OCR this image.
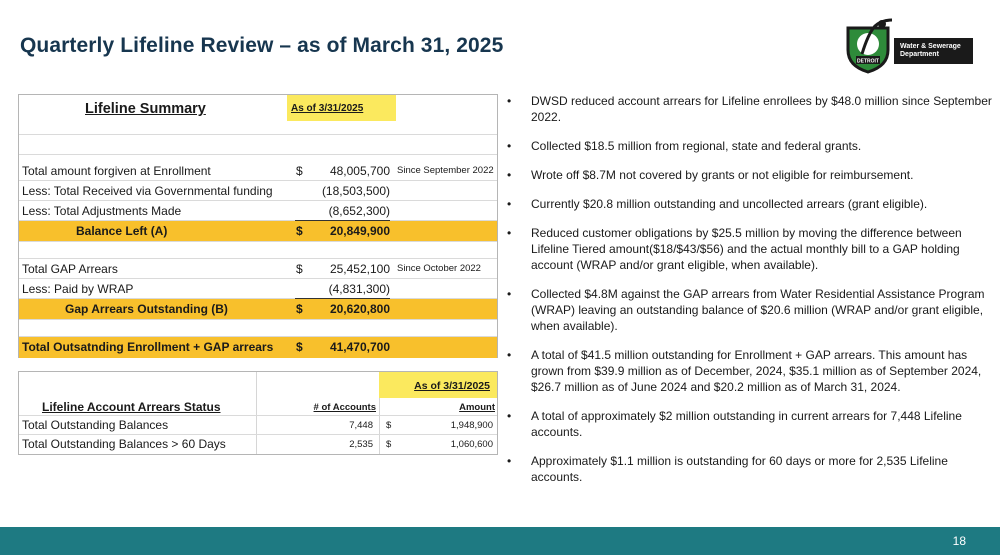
Quarterly Lifeline Review – as of March 31, 2025
DETROIT
Water & Sewerage
Department
Lifeline Summary	As of 3/31/2025
Total amount forgiven at Enrollment	$ 48,005,700 Since September 2022
Less: Total Received via Governmental funding	(18,503,500)
Less: Total Adjustments Made	(8,652,300)
Balance Left (A)	$ 20,849,900
Total GAP Arrears	$ 25,452,100 Since October 2022
Less: Paid by WRAP	(4,831,300)
Gap Arrears Outstanding (B)	$ 20,620,800
Total Outsatnding Enrollment + GAP arrears $ 41,470,700
As of 3/31/2025
Lifeline Account Arrears Status	# of Accounts	Amount
Total Outstanding Balances	7,448 $	1,948,900
Total Outstanding Balances > 60 Days	2,535 $	1,060,600
• DWSD reduced account arrears for Lifeline enrollees by $48.0 million since September 2022.
• Collected $18.5 million from regional, state and federal grants.
• Wrote off $8.7M not covered by grants or not eligible for reimbursement.
• Currently $20.8 million outstanding and uncollected arrears (grant eligible).
• Reduced customer obligations by $25.5 million by moving the difference between Lifeline Tiered amount($18/$43/$56) and the actual monthly bill to a GAP holding account (WRAP and/or grant eligible, when available).
• Collected $4.8M against the GAP arrears from Water Residential Assistance Program (WRAP) leaving an outstanding balance of $20.6 million (WRAP and/or grant eligible, when available).
• A total of $41.5 million outstanding for Enrollment + GAP arrears. This amount has grown from $39.9 million as of December, 2024, $35.1 million as of September 2024, $26.7 million as of June 2024 and $20.2 million as of March 31, 2024.
• A total of approximately $2 million outstanding in current arrears for 7,448 Lifeline accounts.
• Approximately $1.1 million is outstanding for 60 days or more for 2,535 Lifeline accounts.
18
